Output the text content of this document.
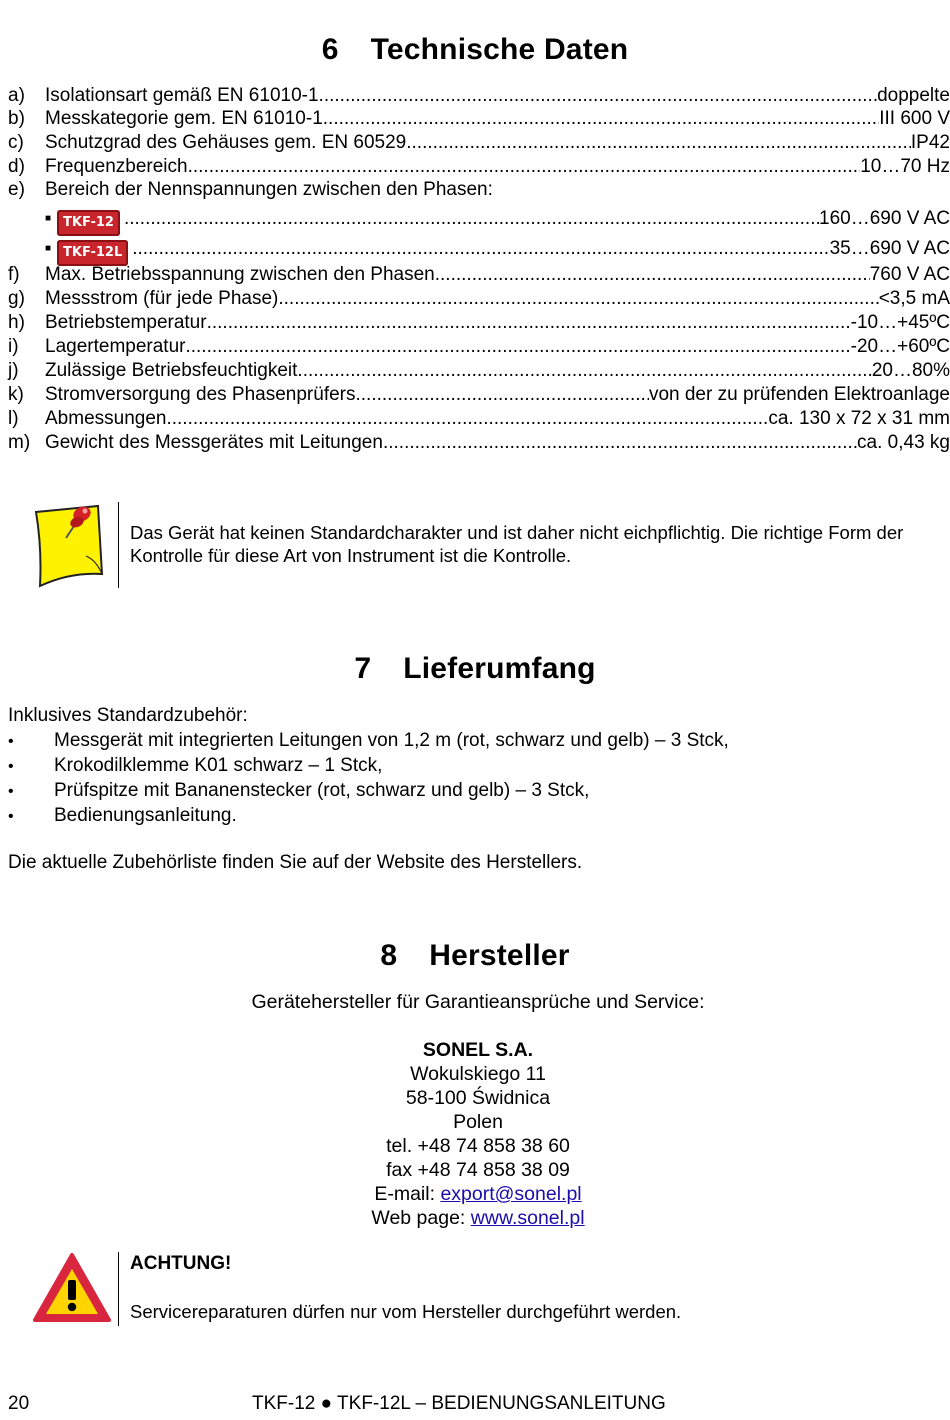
6 Technische Daten
a) Isolationsart gemäß EN 61010-1 .....	doppelte
b) Messkategorie gem. EN 61010-1 .....	III 600 V
c) Schutzgrad des Gehäuses gem. EN 60529 .....	IP42
d) Frequenzbereich .....	10…70 Hz
e) Bereich der Nennspannungen zwischen den Phasen:
■ TKF-12 .....	160…690 V AC
■ TKF-12L .....	35…690 V AC
f) Max. Betriebsspannung zwischen den Phasen .....	760 V AC
g) Messstrom (für jede Phase) .....	<3,5 mA
h) Betriebstemperatur .....	-10…+45ºC
i) Lagertemperatur .....	-20…+60ºC
j) Zulässige Betriebsfeuchtigkeit .....	20…80%
k) Stromversorgung des Phasenprüfers .....	von der zu prüfenden Elektroanlage
l) Abmessungen .....	ca. 130 x 72 x 31 mm
m) Gewicht des Messgerätes mit Leitungen .....	ca. 0,43 kg
Das Gerät hat keinen Standardcharakter und ist daher nicht eichpflichtig. Die richtige Form der Kontrolle für diese Art von Instrument ist die Kontrolle.
7 Lieferumfang
Inklusives Standardzubehör:
• Messgerät mit integrierten Leitungen von 1,2 m (rot, schwarz und gelb) – 3 Stck,
• Krokodilklemme K01 schwarz – 1 Stck,
• Prüfspitze mit Bananenstecker (rot, schwarz und gelb) – 3 Stck,
• Bedienungsanleitung.
Die aktuelle Zubehörliste finden Sie auf der Website des Herstellers.
8 Hersteller
Gerätehersteller für Garantieansprüche und Service:
SONEL S.A.
Wokulskiego 11
58-100 Świdnica
Polen
tel. +48 74 858 38 60
fax +48 74 858 38 09
E-mail: export@sonel.pl
Web page: www.sonel.pl
ACHTUNG!
Servicereparaturen dürfen nur vom Hersteller durchgeführt werden.
20	TKF-12 ● TKF-12L – BEDIENUNGSANLEITUNG
